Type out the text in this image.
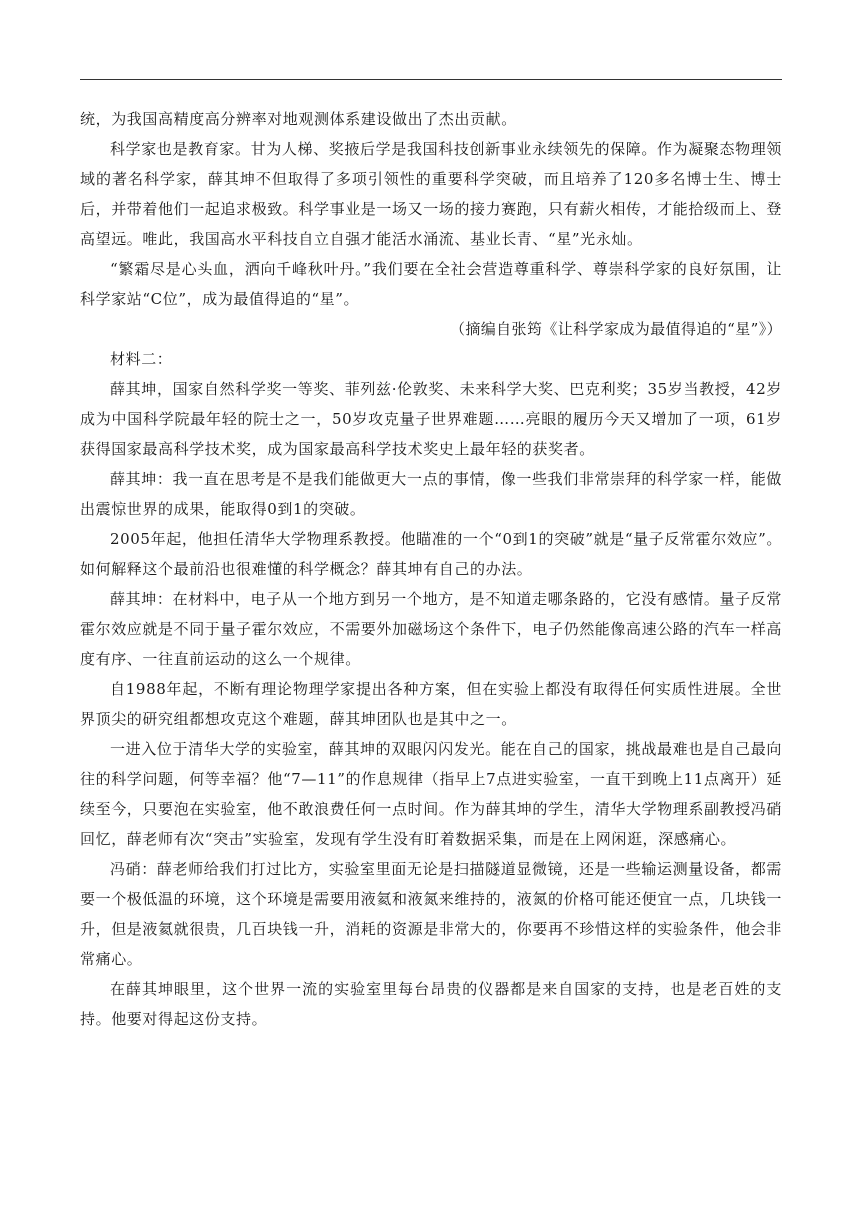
统，为我国高精度高分辨率对地观测体系建设做出了杰出贡献。

科学家也是教育家。甘为人梯、奖掖后学是我国科技创新事业永续领先的保障。作为凝聚态物理领域的著名科学家，薛其坤不但取得了多项引领性的重要科学突破，而且培养了120多名博士生、博士后，并带着他们一起追求极致。科学事业是一场又一场的接力赛跑，只有薪火相传，才能拾级而上、登高望远。唯此，我国高水平科技自立自强才能活水涌流、基业长青、“星”光永灿。

“繁霜尽是心头血，洒向千峰秋叶丹。”我们要在全社会营造尊重科学、尊崇科学家的良好氛围，让科学家站“C位”，成为最值得追的“星”。

（摘编自张筠《让科学家成为最值得追的“星”》）

材料二：

薛其坤，国家自然科学奖一等奖、菲列兹·伦敦奖、未来科学大奖、巴克利奖；35岁当教授，42岁成为中国科学院最年轻的院士之一，50岁攻克量子世界难题……亮眼的履历今天又增加了一项，61岁获得国家最高科学技术奖，成为国家最高科学技术奖史上最年轻的获奖者。

薛其坤：我一直在思考是不是我们能做更大一点的事情，像一些我们非常崇拜的科学家一样，能做出震惊世界的成果，能取得0到1的突破。

2005年起，他担任清华大学物理系教授。他瞄准的一个“0到1的突破”就是“量子反常霍尔效应”。如何解释这个最前沿也很难懂的科学概念？薛其坤有自己的办法。

薛其坤：在材料中，电子从一个地方到另一个地方，是不知道走哪条路的，它没有感情。量子反常霍尔效应就是不同于量子霍尔效应，不需要外加磁场这个条件下，电子仍然能像高速公路的汽车一样高度有序、一往直前运动的这么一个规律。

自1988年起，不断有理论物理学家提出各种方案，但在实验上都没有取得任何实质性进展。全世界顶尖的研究组都想攻克这个难题，薛其坤团队也是其中之一。

一进入位于清华大学的实验室，薛其坤的双眼闪闪发光。能在自己的国家，挑战最难也是自己最向往的科学问题，何等幸福？他“7—11”的作息规律（指早上7点进实验室，一直干到晚上11点离开）延续至今，只要泡在实验室，他不敢浪费任何一点时间。作为薛其坤的学生，清华大学物理系副教授冯硝回忆，薛老师有次“突击”实验室，发现有学生没有盯着数据采集，而是在上网闲逛，深感痛心。

冯硝：薛老师给我们打过比方，实验室里面无论是扫描隧道显微镜，还是一些输运测量设备，都需要一个极低温的环境，这个环境是需要用液氦和液氮来维持的，液氮的价格可能还便宜一点，几块钱一升，但是液氦就很贵，几百块钱一升，消耗的资源是非常大的，你要再不珍惜这样的实验条件，他会非常痛心。

在薛其坤眼里，这个世界一流的实验室里每台昂贵的仪器都是来自国家的支持，也是老百姓的支持。他要对得起这份支持。
